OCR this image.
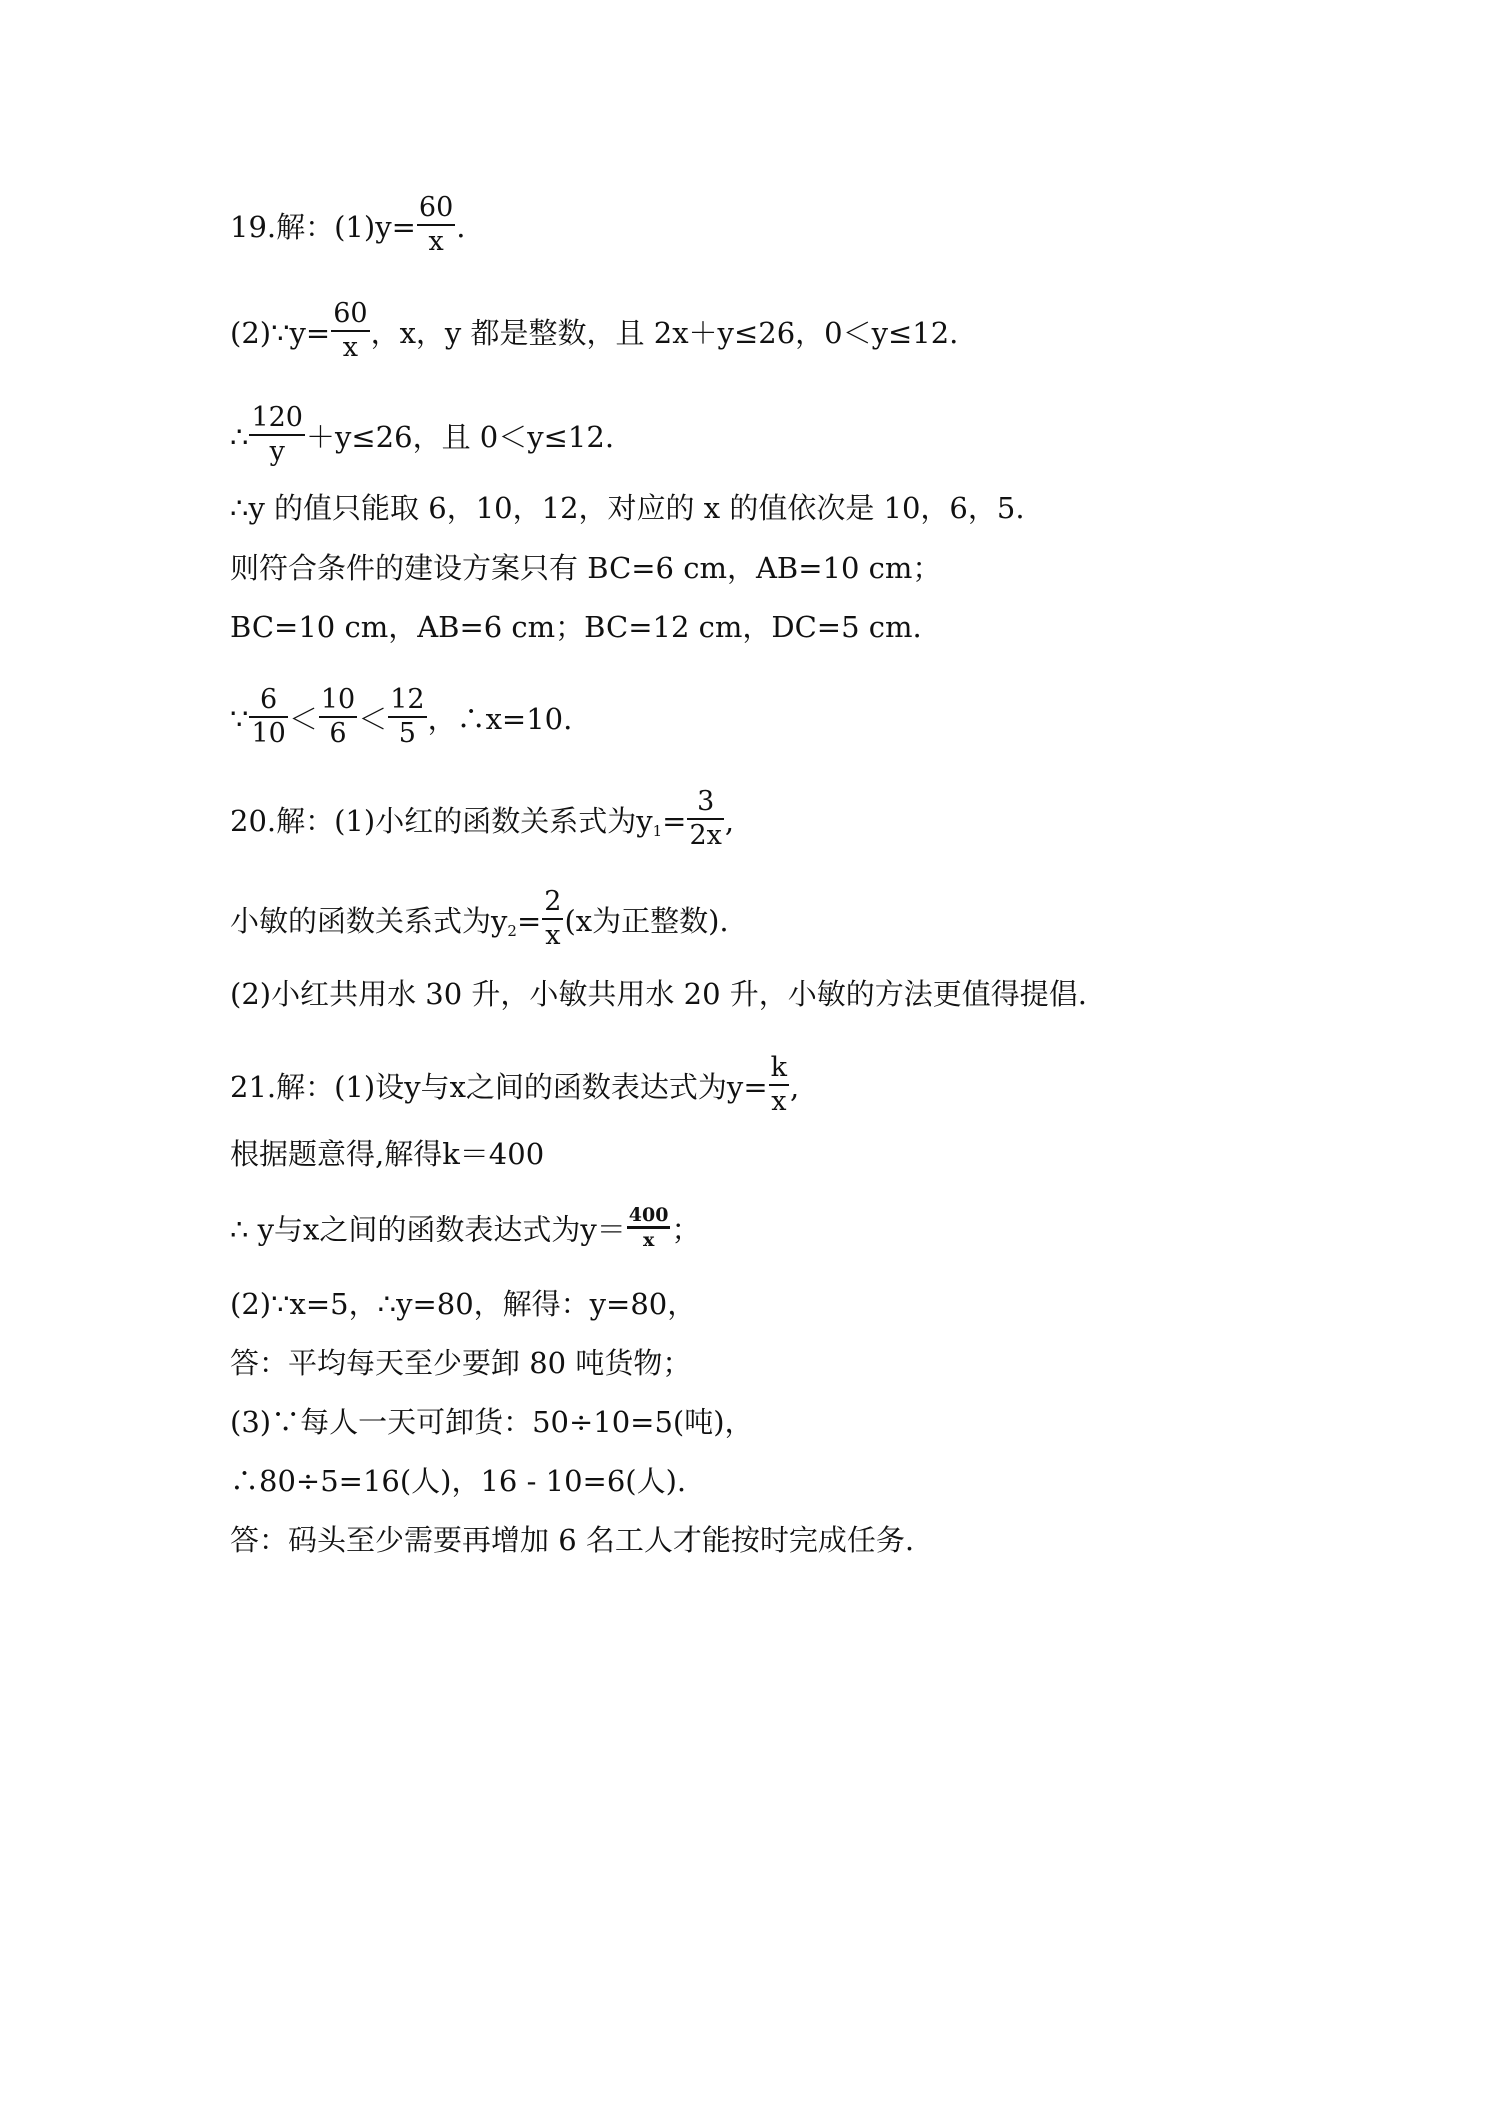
19.解：$(1)y= \frac{60}{x}$ .
(2)∵y= $\frac{60}{x}$ ，x，y 都是整数，且 2x＋y≤26，0＜y≤12.
∴ $\frac{120}{y} +y\le 26$，且 0＜y≤12.
∴y 的值只能取 6，10，12，对应的 x 的值依次是 10，6，5.
则符合条件的建设方案只有 BC=6 cm，AB=10 cm；
BC=10 cm，AB=6 cm；BC=12 cm，DC=5 cm.
∵ $\frac{6}{10} < \frac{10}{6} < \frac{12}{5}$ ，∴x=10.
20.解：(1)小红的函数关系式为$y_1= \frac{3}{2x}$ ,
小敏的函数关系式为$y_2= \frac{2}{x} (x$为正整数).
(2)小红共用水 30 升，小敏共用水 20 升，小敏的方法更值得提倡.
21.解：(1)设y与x之间的函数表达式为$y= \frac{k}{x}$ ,
根据题意得,解得k＝400
∴ y与x之间的函数表达式为$y= \frac{400}{x}$ ；
(2)∵x=5，∴y=80，解得：y=80，
答：平均每天至少要卸 80 吨货物；
(3)∵每人一天可卸货：50÷10=5(吨)，
∴80÷5=16(人)，16 - 10=6(人).
答：码头至少需要再增加 6 名工人才能按时完成任务.
